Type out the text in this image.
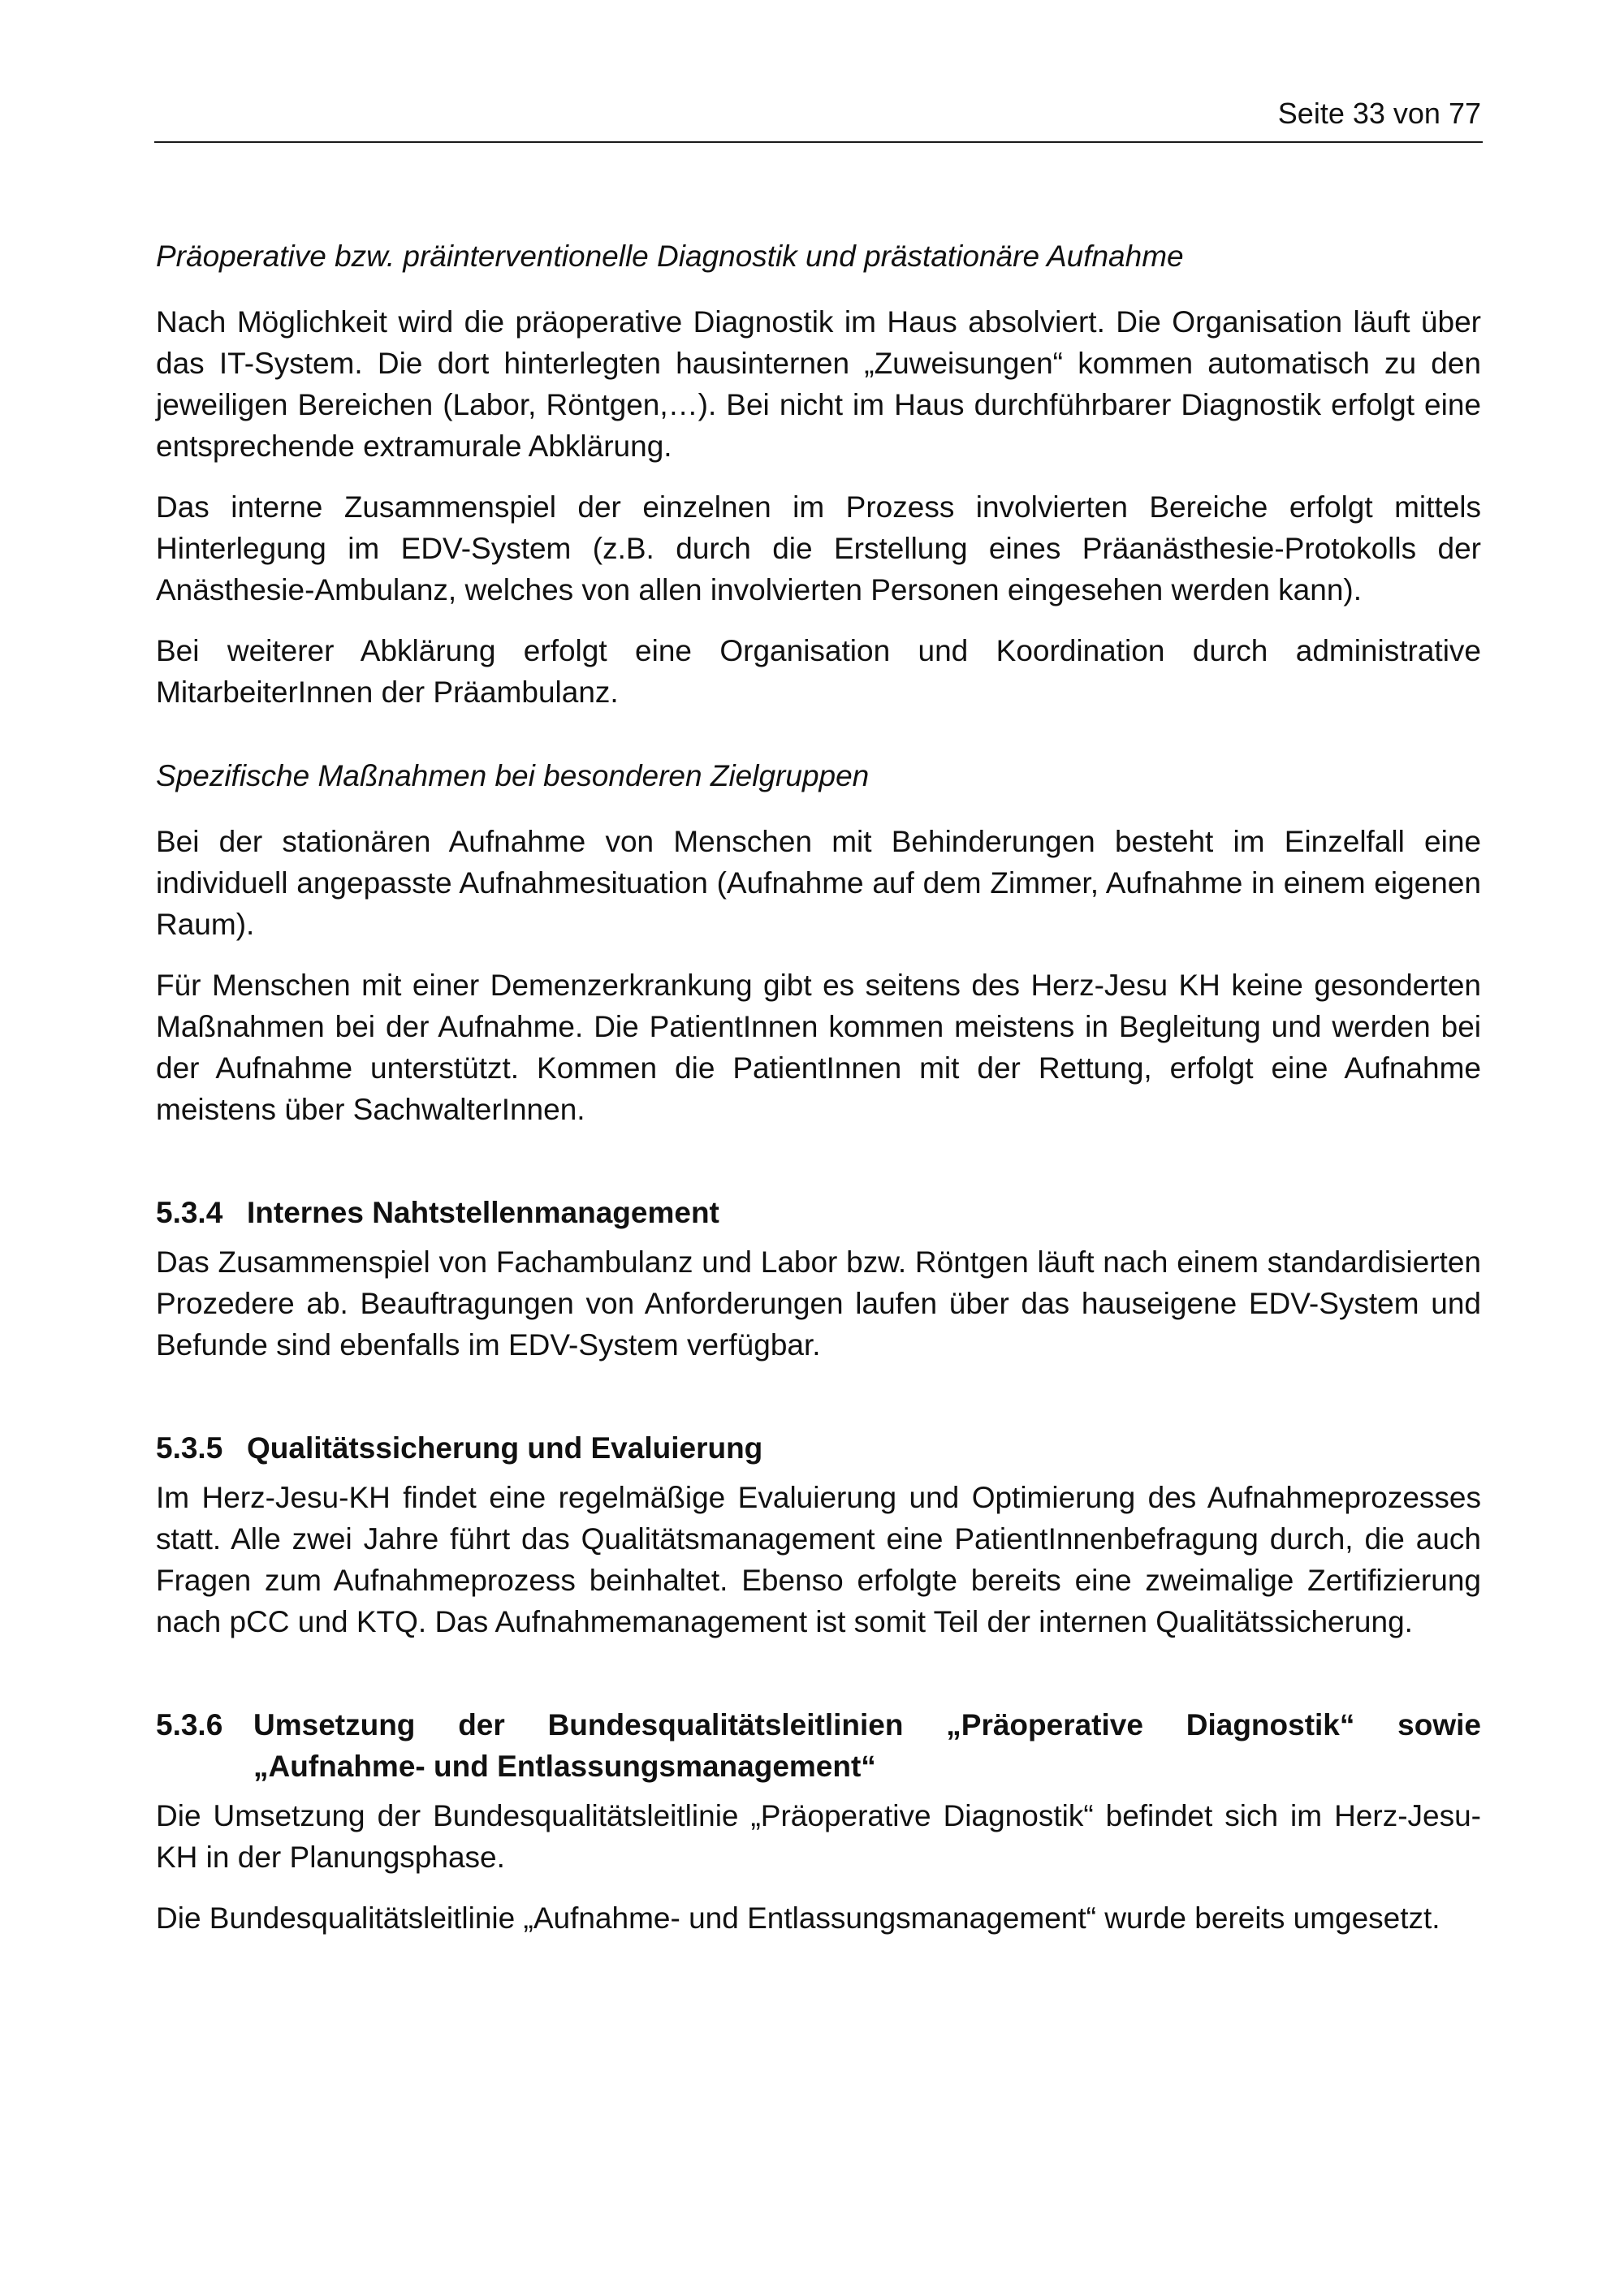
Seite 33 von 77
Präoperative bzw. präinterventionelle Diagnostik und prästationäre Aufnahme

Nach Möglichkeit wird die präoperative Diagnostik im Haus absolviert. Die Organisation läuft über das IT-System. Die dort hinterlegten hausinternen „Zuweisungen“ kommen automatisch zu den jeweiligen Bereichen (Labor, Röntgen,…). Bei nicht im Haus durchführbarer Diagnostik erfolgt eine entsprechende extramurale Abklärung.

Das interne Zusammenspiel der einzelnen im Prozess involvierten Bereiche erfolgt mittels Hinterlegung im EDV-System (z.B. durch die Erstellung eines Präanästhesie-Protokolls der Anästhesie-Ambulanz, welches von allen involvierten Personen eingesehen werden kann).

Bei weiterer Abklärung erfolgt eine Organisation und Koordination durch administrative MitarbeiterInnen der Präambulanz.

Spezifische Maßnahmen bei besonderen Zielgruppen

Bei der stationären Aufnahme von Menschen mit Behinderungen besteht im Einzelfall eine individuell angepasste Aufnahmesituation (Aufnahme auf dem Zimmer, Aufnahme in einem eigenen Raum).

Für Menschen mit einer Demenzerkrankung gibt es seitens des Herz-Jesu KH keine gesonderten Maßnahmen bei der Aufnahme. Die PatientInnen kommen meistens in Begleitung und werden bei der Aufnahme unterstützt. Kommen die PatientInnen mit der Rettung, erfolgt eine Aufnahme meistens über SachwalterInnen.

5.3.4 Internes Nahtstellenmanagement

Das Zusammenspiel von Fachambulanz und Labor bzw. Röntgen läuft nach einem standardisierten Prozedere ab. Beauftragungen von Anforderungen laufen über das hauseigene EDV-System und Befunde sind ebenfalls im EDV-System verfügbar.

5.3.5 Qualitätssicherung und Evaluierung

Im Herz-Jesu-KH findet eine regelmäßige Evaluierung und Optimierung des Aufnahmeprozesses statt. Alle zwei Jahre führt das Qualitätsmanagement eine PatientInnenbefragung durch, die auch Fragen zum Aufnahmeprozess beinhaltet. Ebenso erfolgte bereits eine zweimalige Zertifizierung nach pCC und KTQ. Das Aufnahmemanagement ist somit Teil der internen Qualitätssicherung.

5.3.6	Umsetzung der Bundesqualitätsleitlinien „Präoperative Diagnostik“ sowie „Aufnahme- und Entlassungsmanagement“

Die Umsetzung der Bundesqualitätsleitlinie „Präoperative Diagnostik“ befindet sich im Herz-Jesu-KH in der Planungsphase.

Die Bundesqualitätsleitlinie „Aufnahme- und Entlassungsmanagement“ wurde bereits umgesetzt.
